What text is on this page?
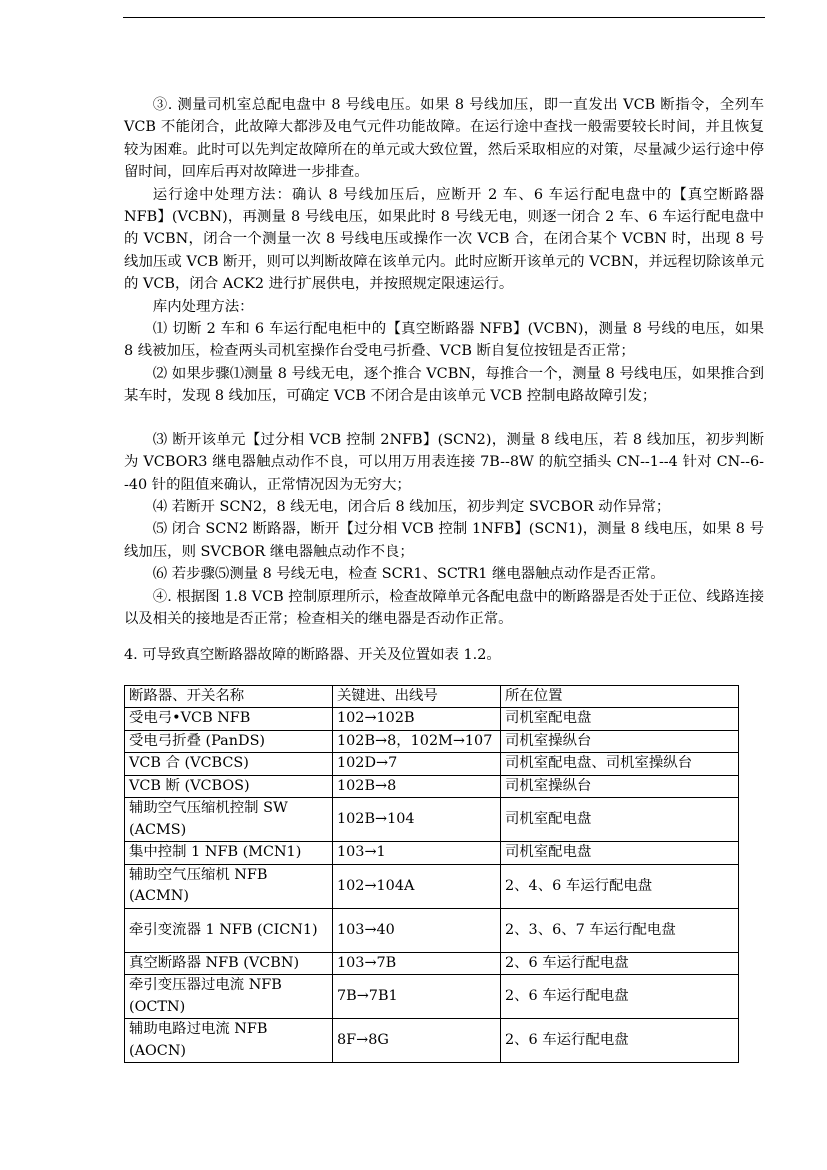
③. 测量司机室总配电盘中 8 号线电压。如果 8 号线加压，即一直发出 VCB 断指令，全列车 VCB 不能闭合，此故障大都涉及电气元件功能故障。在运行途中查找一般需要较长时间，并且恢复较为困难。此时可以先判定故障所在的单元或大致位置，然后采取相应的对策，尽量减少运行途中停留时间，回库后再对故障进一步排查。

运行途中处理方法：确认 8 号线加压后，应断开 2 车、6 车运行配电盘中的【真空断路器 NFB】(VCBN)，再测量 8 号线电压，如果此时 8 号线无电，则逐一闭合 2 车、6 车运行配电盘中的 VCBN，闭合一个测量一次 8 号线电压或操作一次 VCB 合，在闭合某个 VCBN 时，出现 8 号线加压或 VCB 断开，则可以判断故障在该单元内。此时应断开该单元的 VCBN，并远程切除该单元的 VCB，闭合 ACK2 进行扩展供电，并按照规定限速运行。

库内处理方法：

⑴ 切断 2 车和 6 车运行配电柜中的【真空断路器 NFB】(VCBN)，测量 8 号线的电压，如果 8 线被加压，检查两头司机室操作台受电弓折叠、VCB 断自复位按钮是否正常；

⑵ 如果步骤⑴测量 8 号线无电，逐个推合 VCBN，每推合一个，测量 8 号线电压，如果推合到某车时，发现 8 线加压，可确定 VCB 不闭合是由该单元 VCB 控制电路故障引发；

⑶ 断开该单元【过分相 VCB 控制 2NFB】(SCN2)，测量 8 线电压，若 8 线加压，初步判断为 VCBOR3 继电器触点动作不良，可以用万用表连接 7B--8W 的航空插头 CN--1--4 针对 CN--6--40 针的阻值来确认，正常情况因为无穷大；

⑷ 若断开 SCN2，8 线无电，闭合后 8 线加压，初步判定 SVCBOR 动作异常；

⑸ 闭合 SCN2 断路器，断开【过分相 VCB 控制 1NFB】(SCN1)，测量 8 线电压，如果 8 号线加压，则 SVCBOR 继电器触点动作不良；

⑹ 若步骤⑸测量 8 号线无电，检查 SCR1、SCTR1 继电器触点动作是否正常。

④. 根据图 1.8 VCB 控制原理所示，检查故障单元各配电盘中的断路器是否处于正位、线路连接以及相关的接地是否正常；检查相关的继电器是否动作正常。

4. 可导致真空断路器故障的断路器、开关及位置如表 1.2。

断路器、开关名称	关键进、出线号	所在位置
受电弓•VCB NFB	102→102B	司机室配电盘
受电弓折叠 (PanDS)	102B→8，102M→107	司机室操纵台
VCB 合 (VCBCS)	102D→7	司机室配电盘、司机室操纵台
VCB 断 (VCBOS)	102B→8	司机室操纵台
辅助空气压缩机控制 SW (ACMS)	102B→104	司机室配电盘
集中控制 1 NFB (MCN1)	103→1	司机室配电盘
辅助空气压缩机 NFB (ACMN)	102→104A	2、4、6 车运行配电盘
牵引变流器 1 NFB (CICN1)	103→40	2、3、6、7 车运行配电盘
真空断路器 NFB (VCBN)	103→7B	2、6 车运行配电盘
牵引变压器过电流 NFB (OCTN)	7B→7B1	2、6 车运行配电盘
辅助电路过电流 NFB (AOCN)	8F→8G	2、6 车运行配电盘
